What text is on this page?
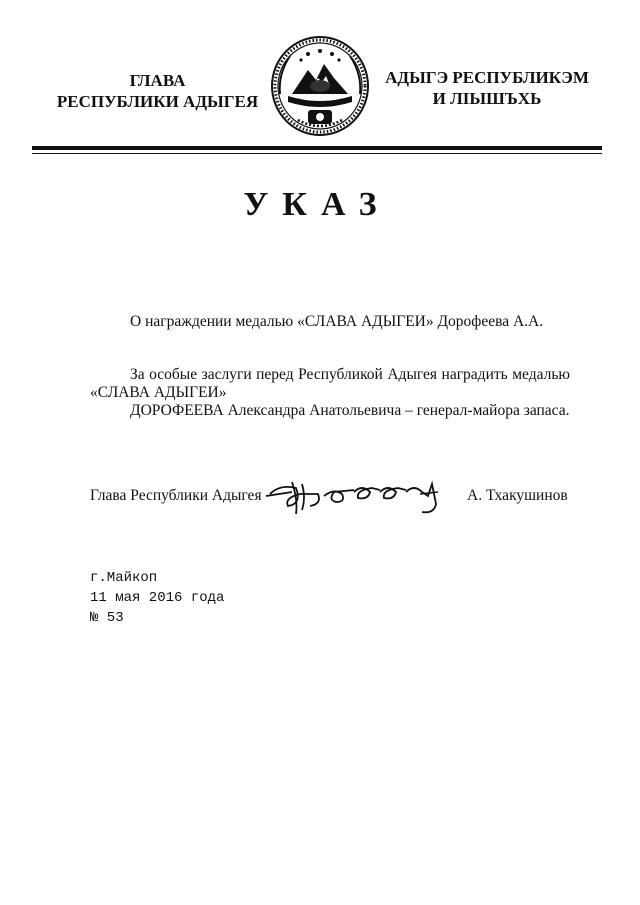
ГЛАВА
РЕСПУБЛИКИ АДЫГЕЯ
АДЫГЭ РЕСПУБЛИКЭМ
И ЛІЫШЪХЬ
УКАЗ
О награждении медалью «СЛАВА АДЫГЕИ» Дорофеева А.А.
За особые заслуги перед Республикой Адыгея наградить медалью
«СЛАВА АДЫГЕИ»
ДОРОФЕЕВА Александра Анатольевича – генерал-майора запаса.
Глава Республики Адыгея	А. Тхакушинов
г.Майкоп
11 мая 2016 года
№ 53
